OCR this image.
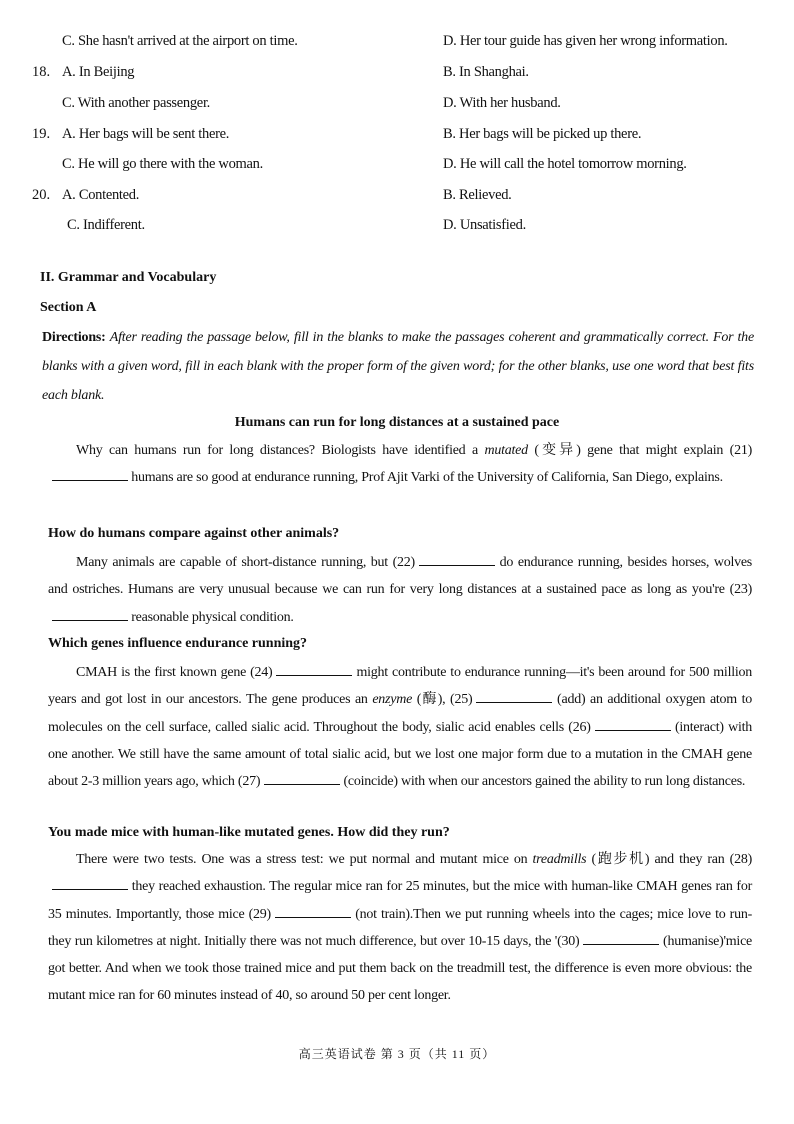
C. She hasn't arrived at the airport on time.	D. Her tour guide has given her wrong information.
18. A. In Beijing	B. In Shanghai.
C. With another passenger.	D. With her husband.
19. A. Her bags will be sent there.	B. Her bags will be picked up there.
C. He will go there with the woman.	D. He will call the hotel tomorrow morning.
20. A. Contented.	B. Relieved.
C. Indifferent.	D. Unsatisfied.
II. Grammar and Vocabulary
Section A
Directions: After reading the passage below, fill in the blanks to make the passages coherent and grammatically correct. For the blanks with a given word, fill in each blank with the proper form of the given word; for the other blanks, use one word that best fits each blank.
Humans can run for long distances at a sustained pace
Why can humans run for long distances? Biologists have identified a mutated (变异) gene that might explain (21) humans are so good at endurance running, Prof Ajit Varki of the University of California, San Diego, explains.
How do humans compare against other animals?
Many animals are capable of short-distance running, but (22)	do endurance running, besides horses, wolves and ostriches. Humans are very unusual because we can run for very long distances at a sustained pace as long as you're (23) reasonable physical condition.
Which genes influence endurance running?
CMAH is the first known gene (24)	might contribute to endurance running—it's been around for 500 million years and got lost in our ancestors. The gene produces an enzyme (酶), (25)	(add) an additional oxygen atom to molecules on the cell surface, called sialic acid. Throughout the body, sialic acid enables cells (26)	(interact) with one another. We still have the same amount of total sialic acid, but we lost one major form due to a mutation in the CMAH gene about 2-3 million years ago, which (27)	(coincide) with when our ancestors gained the ability to run long distances.
You made mice with human-like mutated genes. How did they run?
There were two tests. One was a stress test: we put normal and mutant mice on treadmills (跑步机) and they ran (28) they reached exhaustion. The regular mice ran for 25 minutes, but the mice with human-like CMAH genes ran for 35 minutes. Importantly, those mice (29)	(not train).Then we put running wheels into the cages; mice love to run-they run kilometres at night. Initially there was not much difference, but over 10-15 days, the '(30)	(humanise)'mice got better. And when we took those trained mice and put them back on the treadmill test, the difference is even more obvious: the mutant mice ran for 60 minutes instead of 40, so around 50 per cent longer.
高三英语试卷 第 3 页（共 11 页）
